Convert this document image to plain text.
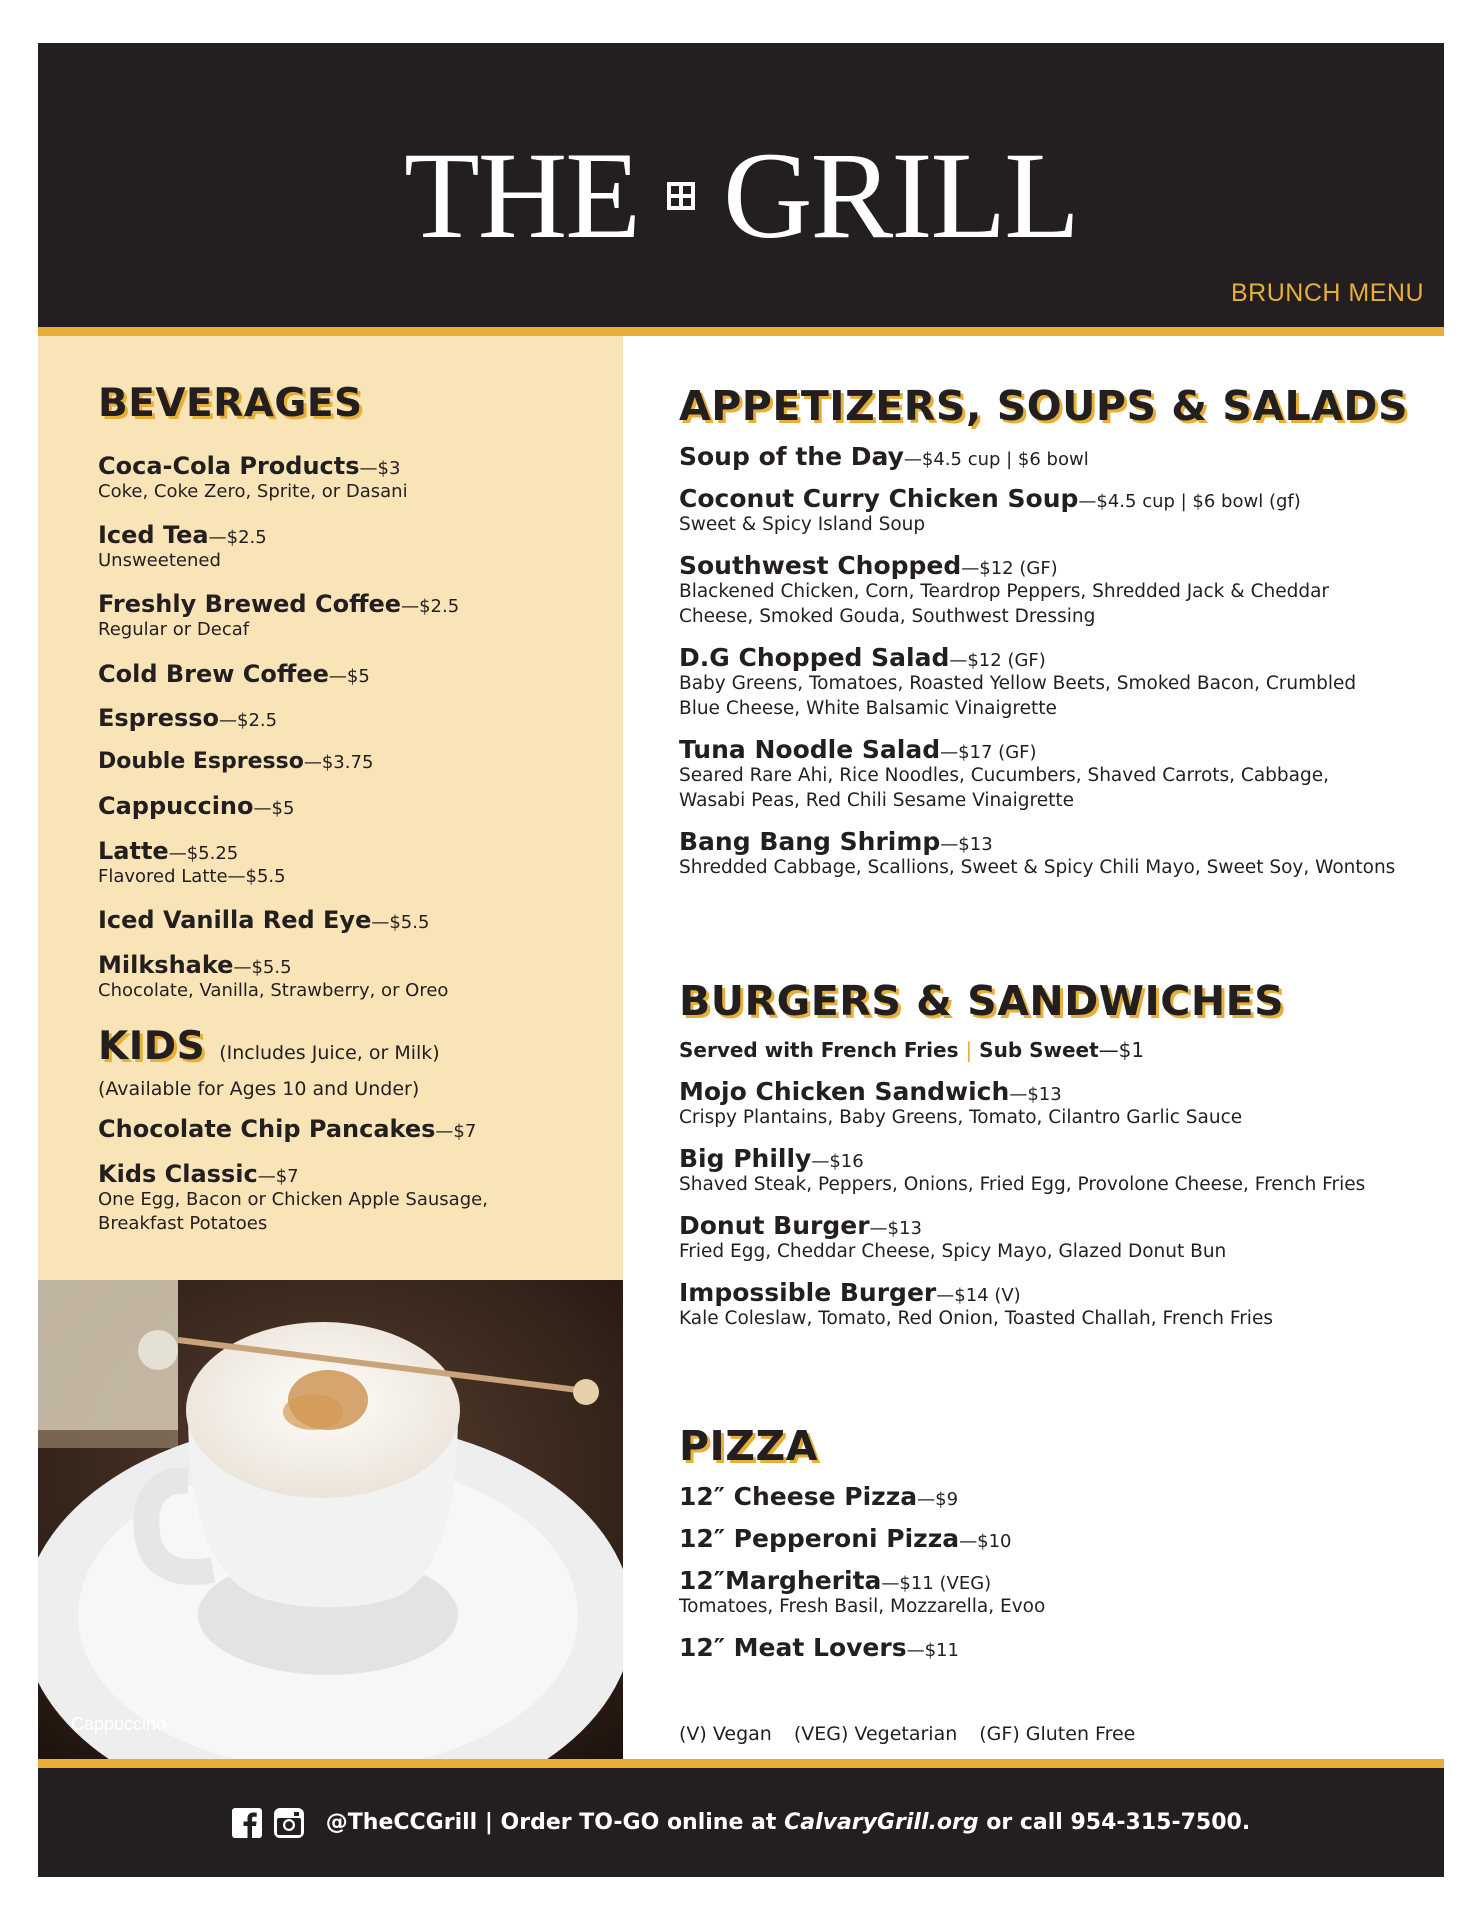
THE GRILL
BRUNCH MENU
BEVERAGES
Coca-Cola Products—$3
Coke, Coke Zero, Sprite, or Dasani
Iced Tea—$2.5
Unsweetened
Freshly Brewed Coffee—$2.5
Regular or Decaf
Cold Brew Coffee—$5
Espresso—$2.5
Double Espresso—$3.75
Cappuccino—$5
Latte—$5.25
Flavored Latte—$5.5
Iced Vanilla Red Eye—$5.5
Milkshake—$5.5
Chocolate, Vanilla, Strawberry, or Oreo
KIDS (Includes Juice, or Milk)
(Available for Ages 10 and Under)
Chocolate Chip Pancakes—$7
Kids Classic—$7
One Egg, Bacon or Chicken Apple Sausage,
Breakfast Potatoes
Cappuccino
APPETIZERS, SOUPS & SALADS
Soup of the Day—$4.5 cup | $6 bowl
Coconut Curry Chicken Soup—$4.5 cup | $6 bowl (gf)
Sweet & Spicy Island Soup
Southwest Chopped—$12 (GF)
Blackened Chicken, Corn, Teardrop Peppers, Shredded Jack & Cheddar
Cheese, Smoked Gouda, Southwest Dressing
D.G Chopped Salad—$12 (GF)
Baby Greens, Tomatoes, Roasted Yellow Beets, Smoked Bacon, Crumbled
Blue Cheese, White Balsamic Vinaigrette
Tuna Noodle Salad—$17 (GF)
Seared Rare Ahi, Rice Noodles, Cucumbers, Shaved Carrots, Cabbage,
Wasabi Peas, Red Chili Sesame Vinaigrette
Bang Bang Shrimp—$13
Shredded Cabbage, Scallions, Sweet & Spicy Chili Mayo, Sweet Soy, Wontons
BURGERS & SANDWICHES
Served with French Fries | Sub Sweet—$1
Mojo Chicken Sandwich—$13
Crispy Plantains, Baby Greens, Tomato, Cilantro Garlic Sauce
Big Philly—$16
Shaved Steak, Peppers, Onions, Fried Egg, Provolone Cheese, French Fries
Donut Burger—$13
Fried Egg, Cheddar Cheese, Spicy Mayo, Glazed Donut Bun
Impossible Burger—$14 (V)
Kale Coleslaw, Tomato, Red Onion, Toasted Challah, French Fries
PIZZA
12″ Cheese Pizza—$9
12″ Pepperoni Pizza—$10
12″Margherita—$11 (VEG)
Tomatoes, Fresh Basil, Mozzarella, Evoo
12″ Meat Lovers—$11
(V) Vegan (VEG) Vegetarian (GF) Gluten Free
@TheCCGrill | Order TO-GO online at CalvaryGrill.org or call 954-315-7500.
